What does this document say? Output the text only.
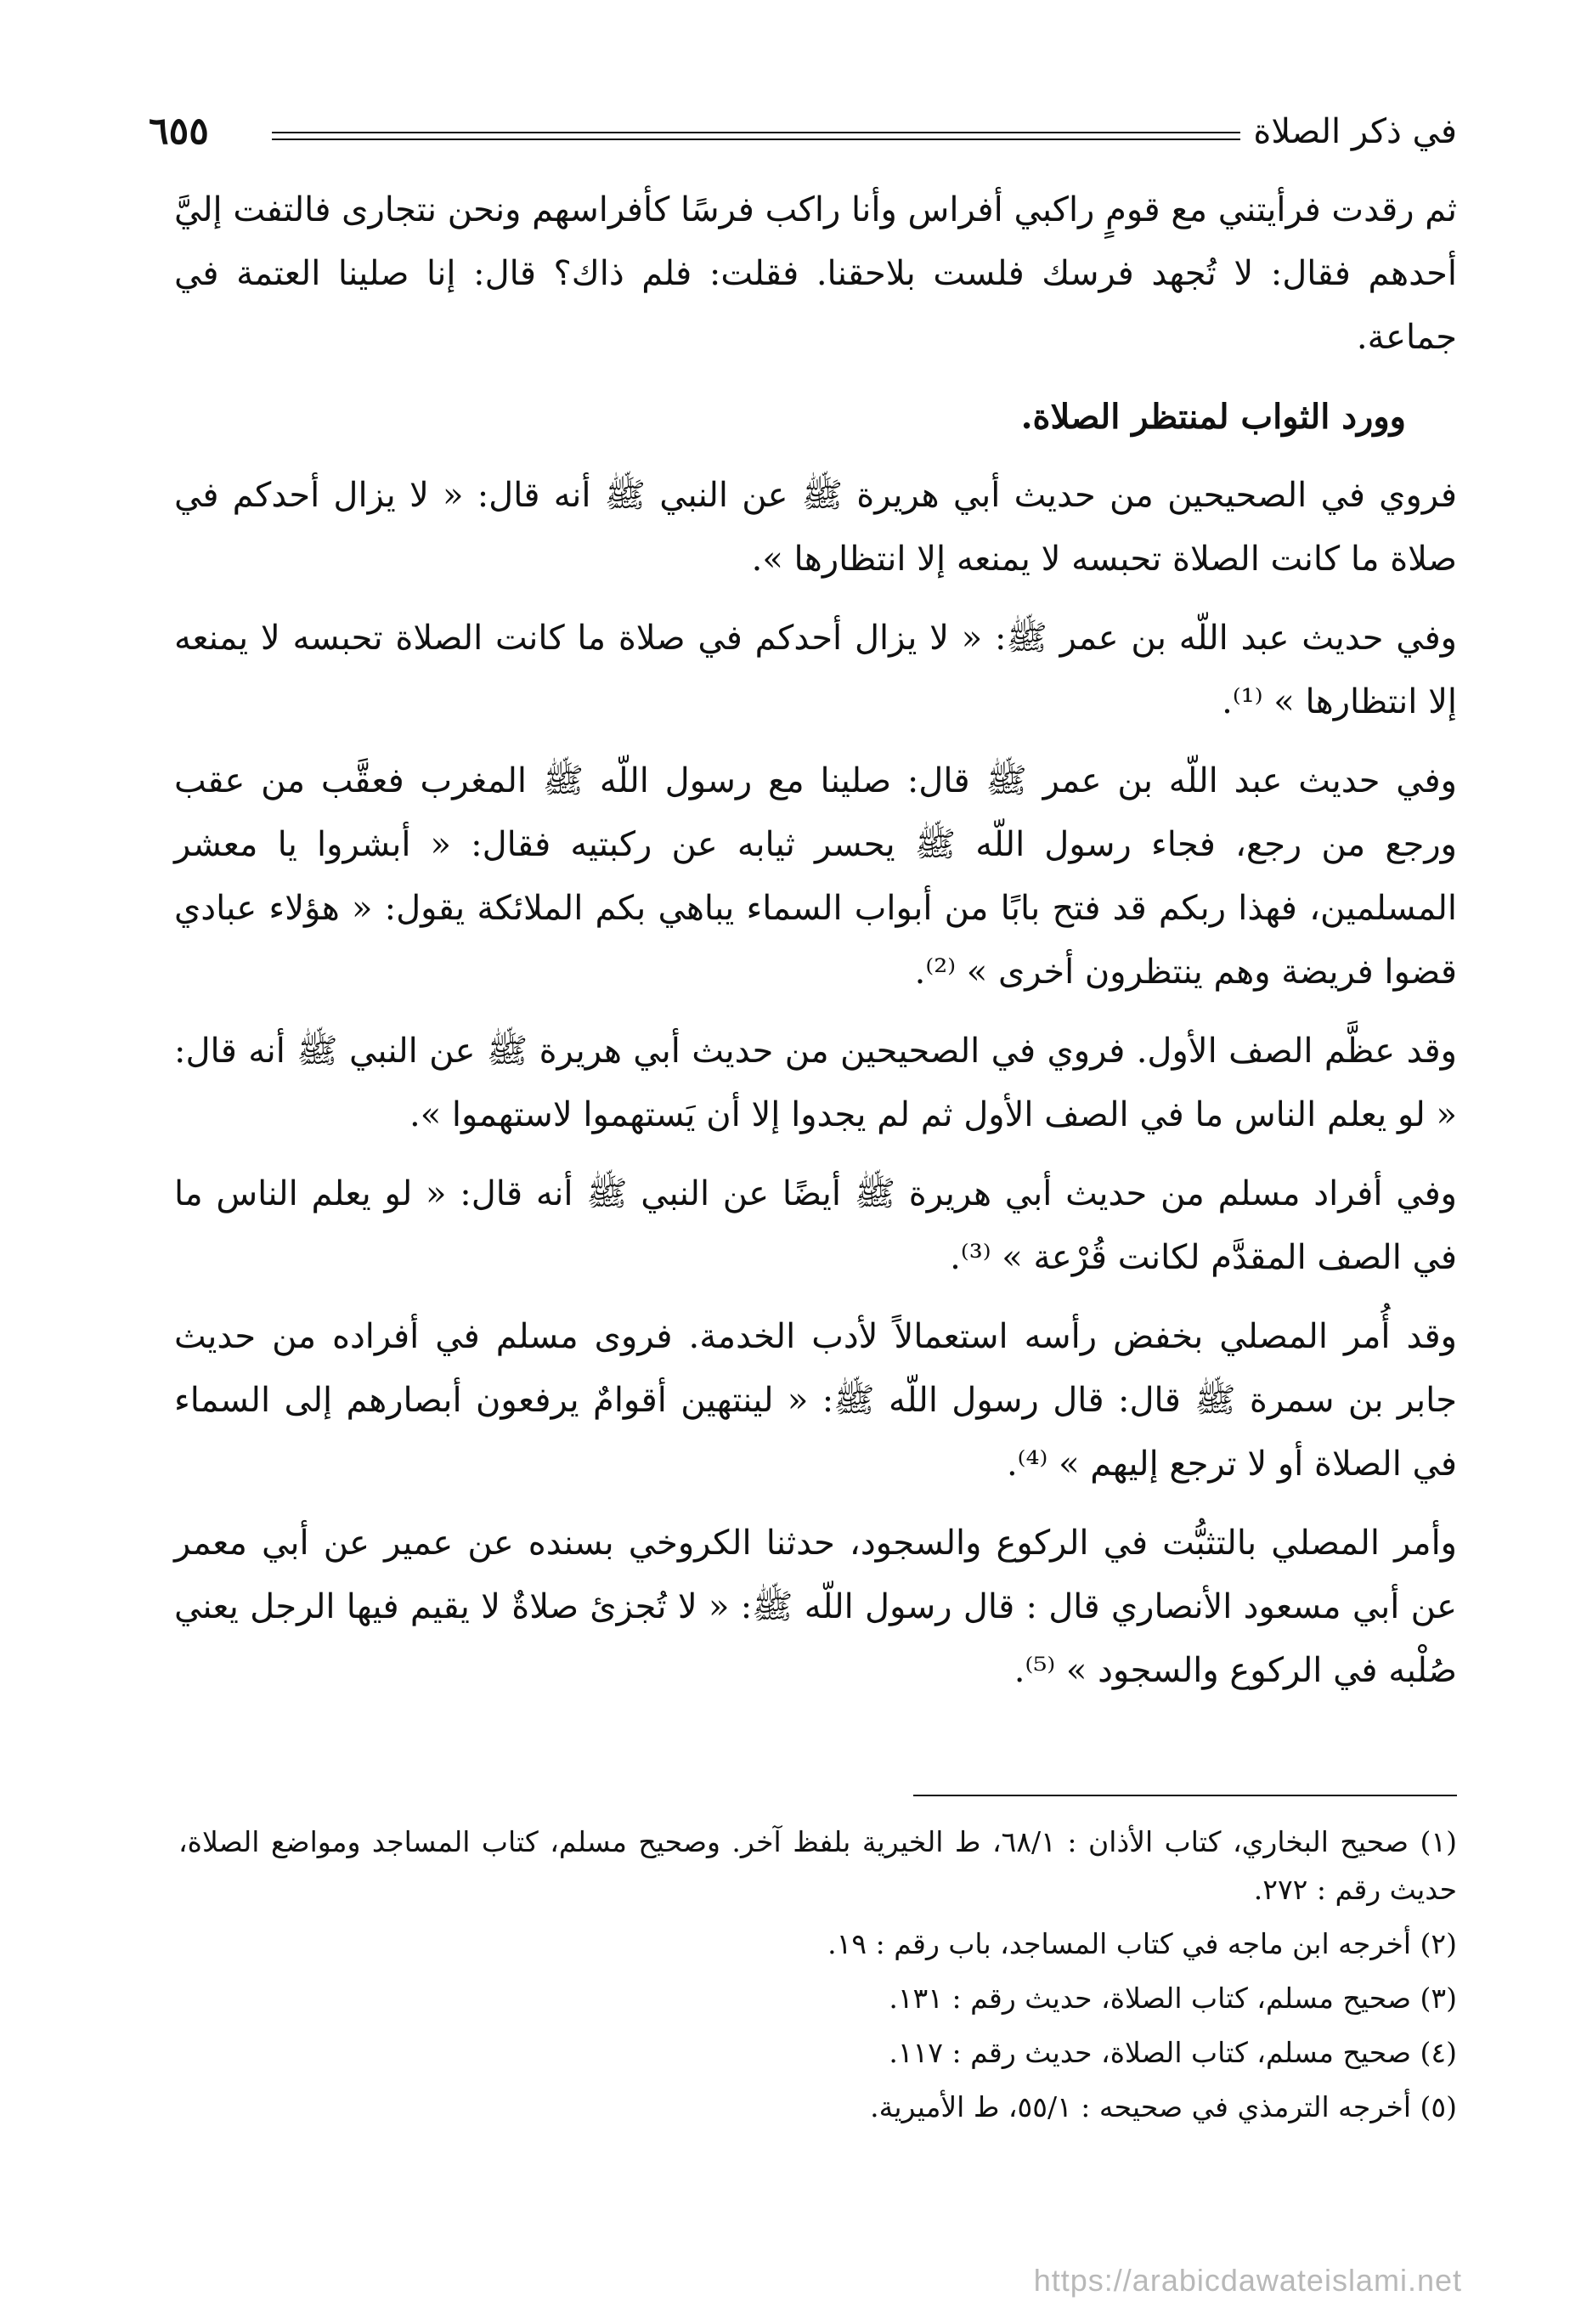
في ذكر الصلاة
٦٥٥

ثم رقدت فرأيتني مع قومٍ راكبي أفراس وأنا راكب فرسًا كأفراسهم ونحن نتجارى فالتفت إليَّ أحدهم فقال: لا تُجهد فرسك فلست بلاحقنا. فقلت: فلم ذاك؟ قال: إنا صلينا العتمة في جماعة.

وورد الثواب لمنتظر الصلاة.

فروي في الصحيحين من حديث أبي هريرة ﷺ عن النبي ﷺ أنه قال: « لا يزال أحدكم في صلاة ما كانت الصلاة تحبسه لا يمنعه إلا انتظارها ».

وفي حديث عبد اللّه بن عمر ﷺ: « لا يزال أحدكم في صلاة ما كانت الصلاة تحبسه لا يمنعه إلا انتظارها » ⁽¹⁾.

وفي حديث عبد اللّه بن عمر ﷺ قال: صلينا مع رسول اللّه ﷺ المغرب فعقَّب من عقب ورجع من رجع، فجاء رسول اللّه ﷺ يحسر ثيابه عن ركبتيه فقال: « أبشروا يا معشر المسلمين، فهذا ربكم قد فتح بابًا من أبواب السماء يباهي بكم الملائكة يقول: « هؤلاء عبادي قضوا فريضة وهم ينتظرون أخرى » ⁽²⁾.

وقد عظَّم الصف الأول. فروي في الصحيحين من حديث أبي هريرة ﷺ عن النبي ﷺ أنه قال: « لو يعلم الناس ما في الصف الأول ثم لم يجدوا إلا أن يَستهموا لاستهموا ».

وفي أفراد مسلم من حديث أبي هريرة ﷺ أيضًا عن النبي ﷺ أنه قال: « لو يعلم الناس ما في الصف المقدَّم لكانت قُرْعة » ⁽³⁾.

وقد أُمر المصلي بخفض رأسه استعمالاً لأدب الخدمة. فروى مسلم في أفراده من حديث جابر بن سمرة ﷺ قال: قال رسول اللّه ﷺ: « لينتهين أقوامٌ يرفعون أبصارهم إلى السماء في الصلاة أو لا ترجع إليهم » ⁽⁴⁾.

وأمر المصلي بالتثبُّت في الركوع والسجود، حدثنا الكروخي بسنده عن عمير عن أبي معمر عن أبي مسعود الأنصاري قال : قال رسول اللّه ﷺ: « لا تُجزئ صلاةٌ لا يقيم فيها الرجل يعني صُلْبه في الركوع والسجود » ⁽⁵⁾.

(١) صحيح البخاري، كتاب الأذان : ٦٨/١، ط الخيرية بلفظ آخر. وصحيح مسلم، كتاب المساجد ومواضع الصلاة، حديث رقم : ٢٧٢.

(٢) أخرجه ابن ماجه في كتاب المساجد، باب رقم : ١٩.

(٣) صحيح مسلم، كتاب الصلاة، حديث رقم : ١٣١.

(٤) صحيح مسلم، كتاب الصلاة، حديث رقم : ١١٧.

(٥) أخرجه الترمذي في صحيحه : ٥٥/١، ط الأميرية.

https://arabicdawateislami.net
